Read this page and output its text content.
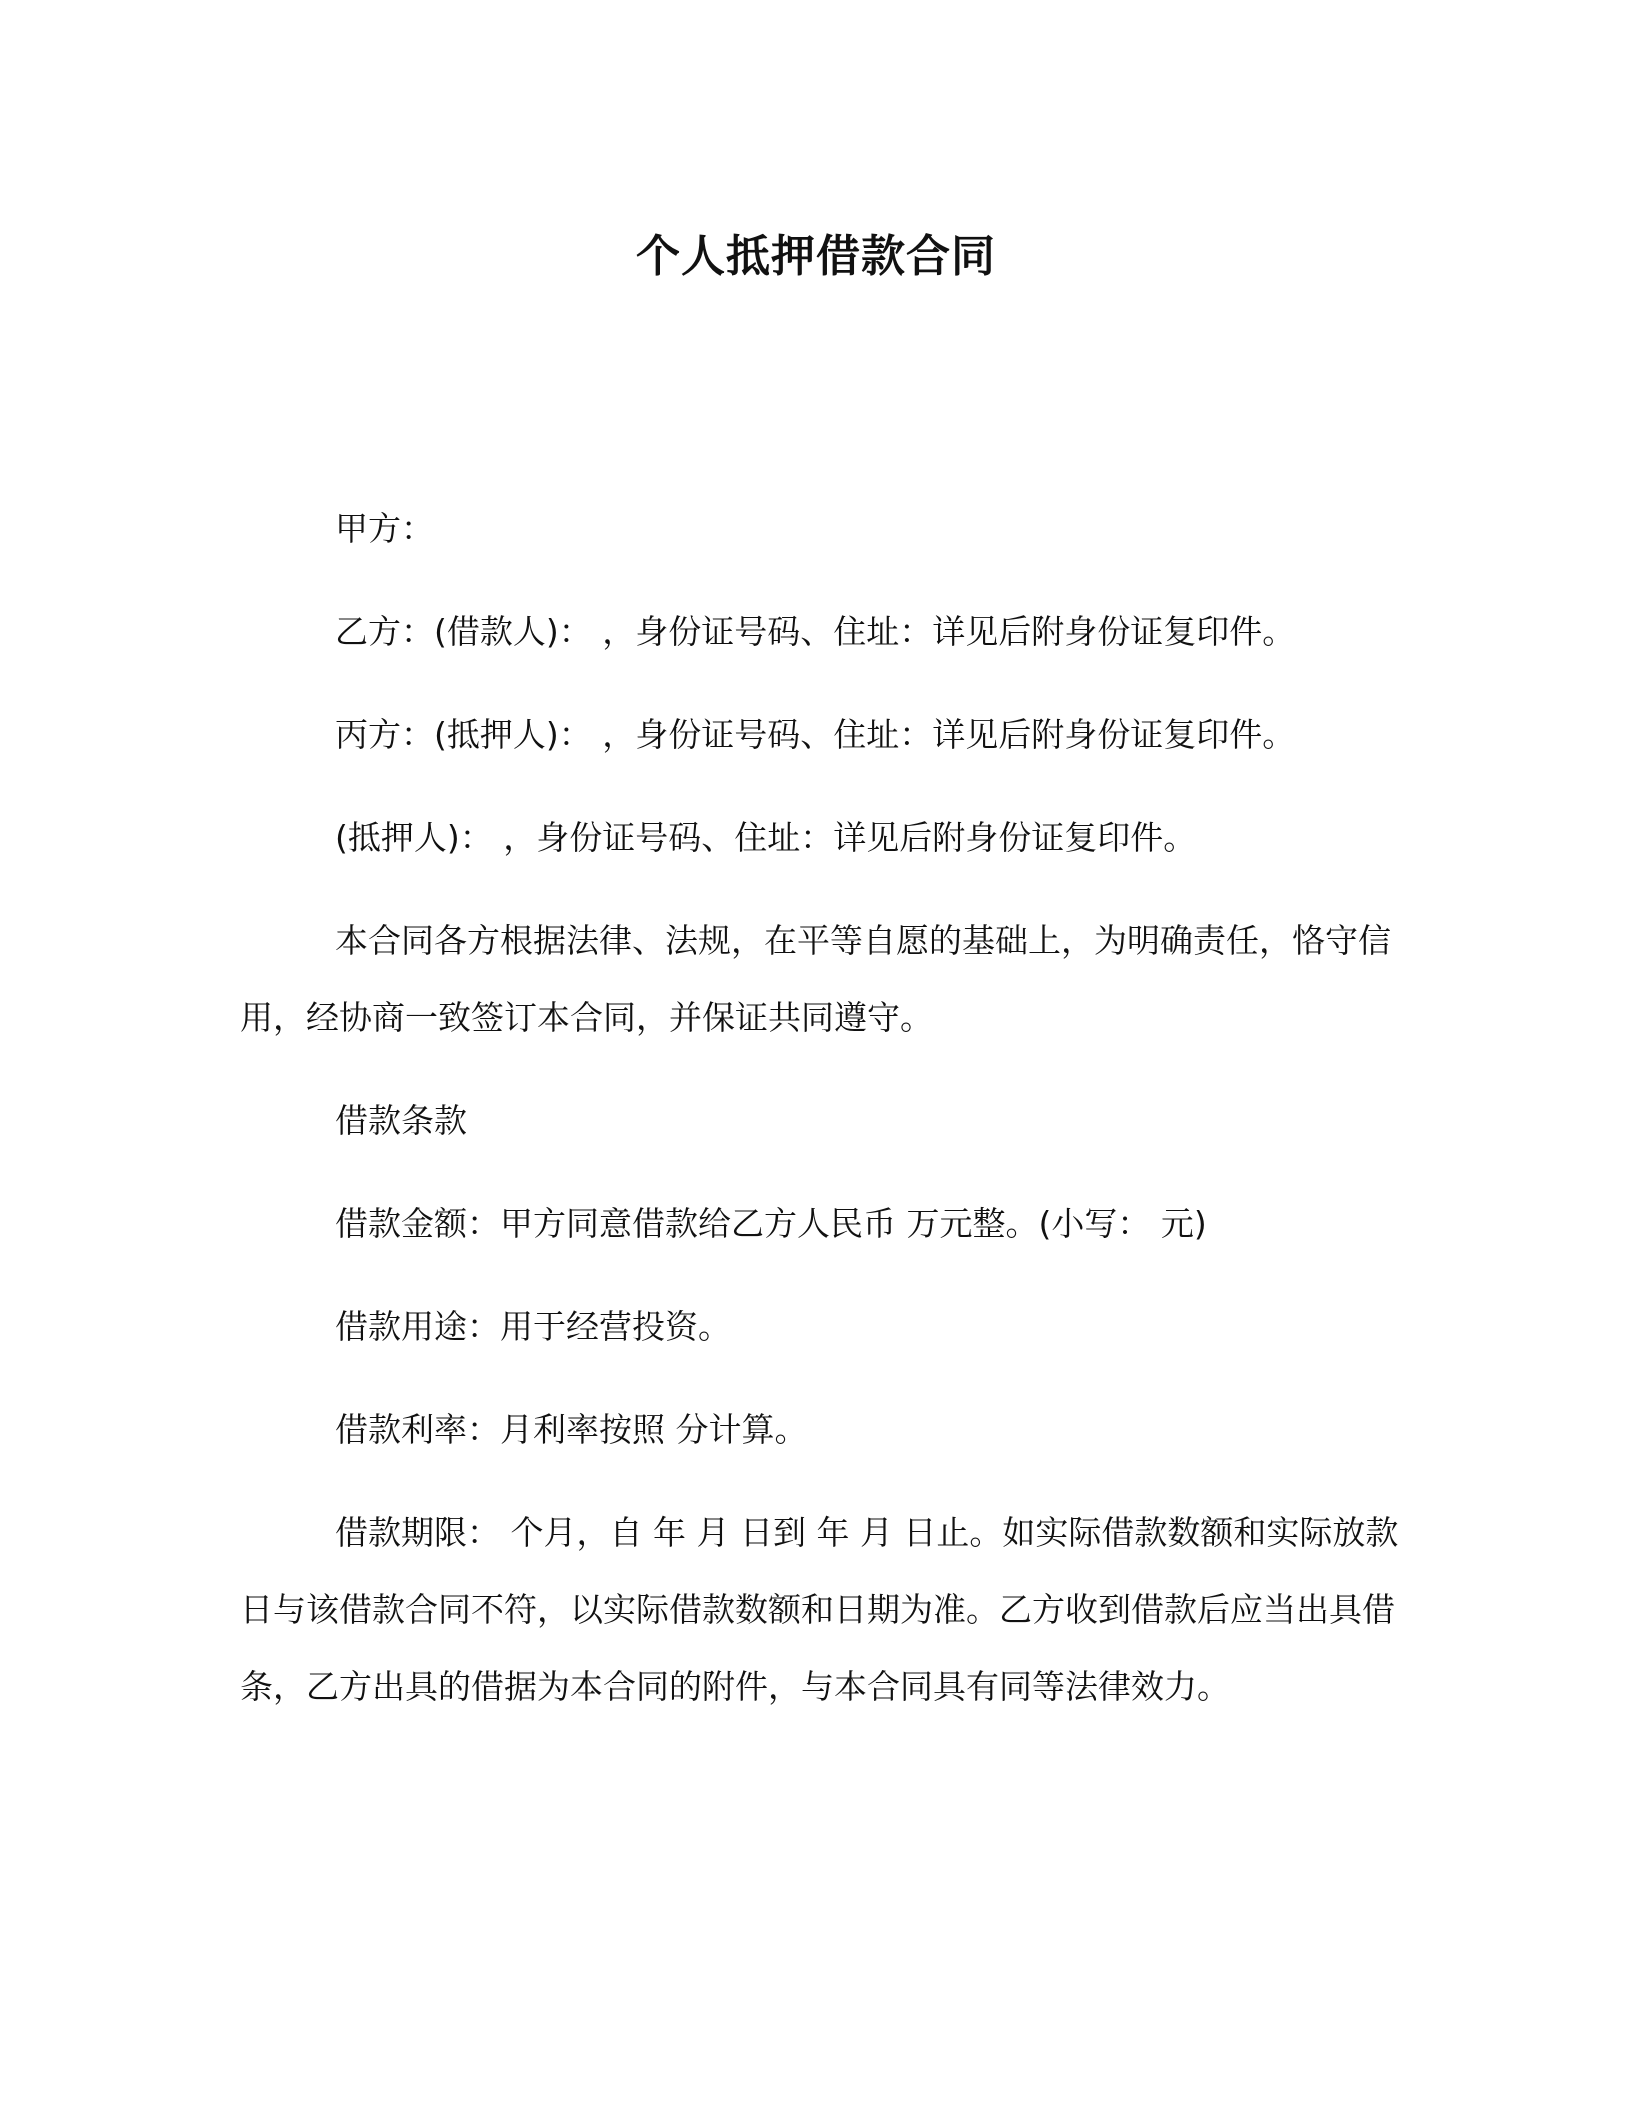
个人抵押借款合同

甲方：

乙方：(借款人)： ，身份证号码、住址：详见后附身份证复印件。

丙方：(抵押人)： ，身份证号码、住址：详见后附身份证复印件。

(抵押人)： ，身份证号码、住址：详见后附身份证复印件。

本合同各方根据法律、法规，在平等自愿的基础上，为明确责任，恪守信用，经协商一致签订本合同，并保证共同遵守。

借款条款

借款金额：甲方同意借款给乙方人民币 万元整。(小写： 元)

借款用途：用于经营投资。

借款利率：月利率按照 分计算。

借款期限： 个月，自 年 月 日到 年 月 日止。如实际借款数额和实际放款日与该借款合同不符，以实际借款数额和日期为准。乙方收到借款后应当出具借条，乙方出具的借据为本合同的附件，与本合同具有同等法律效力。
